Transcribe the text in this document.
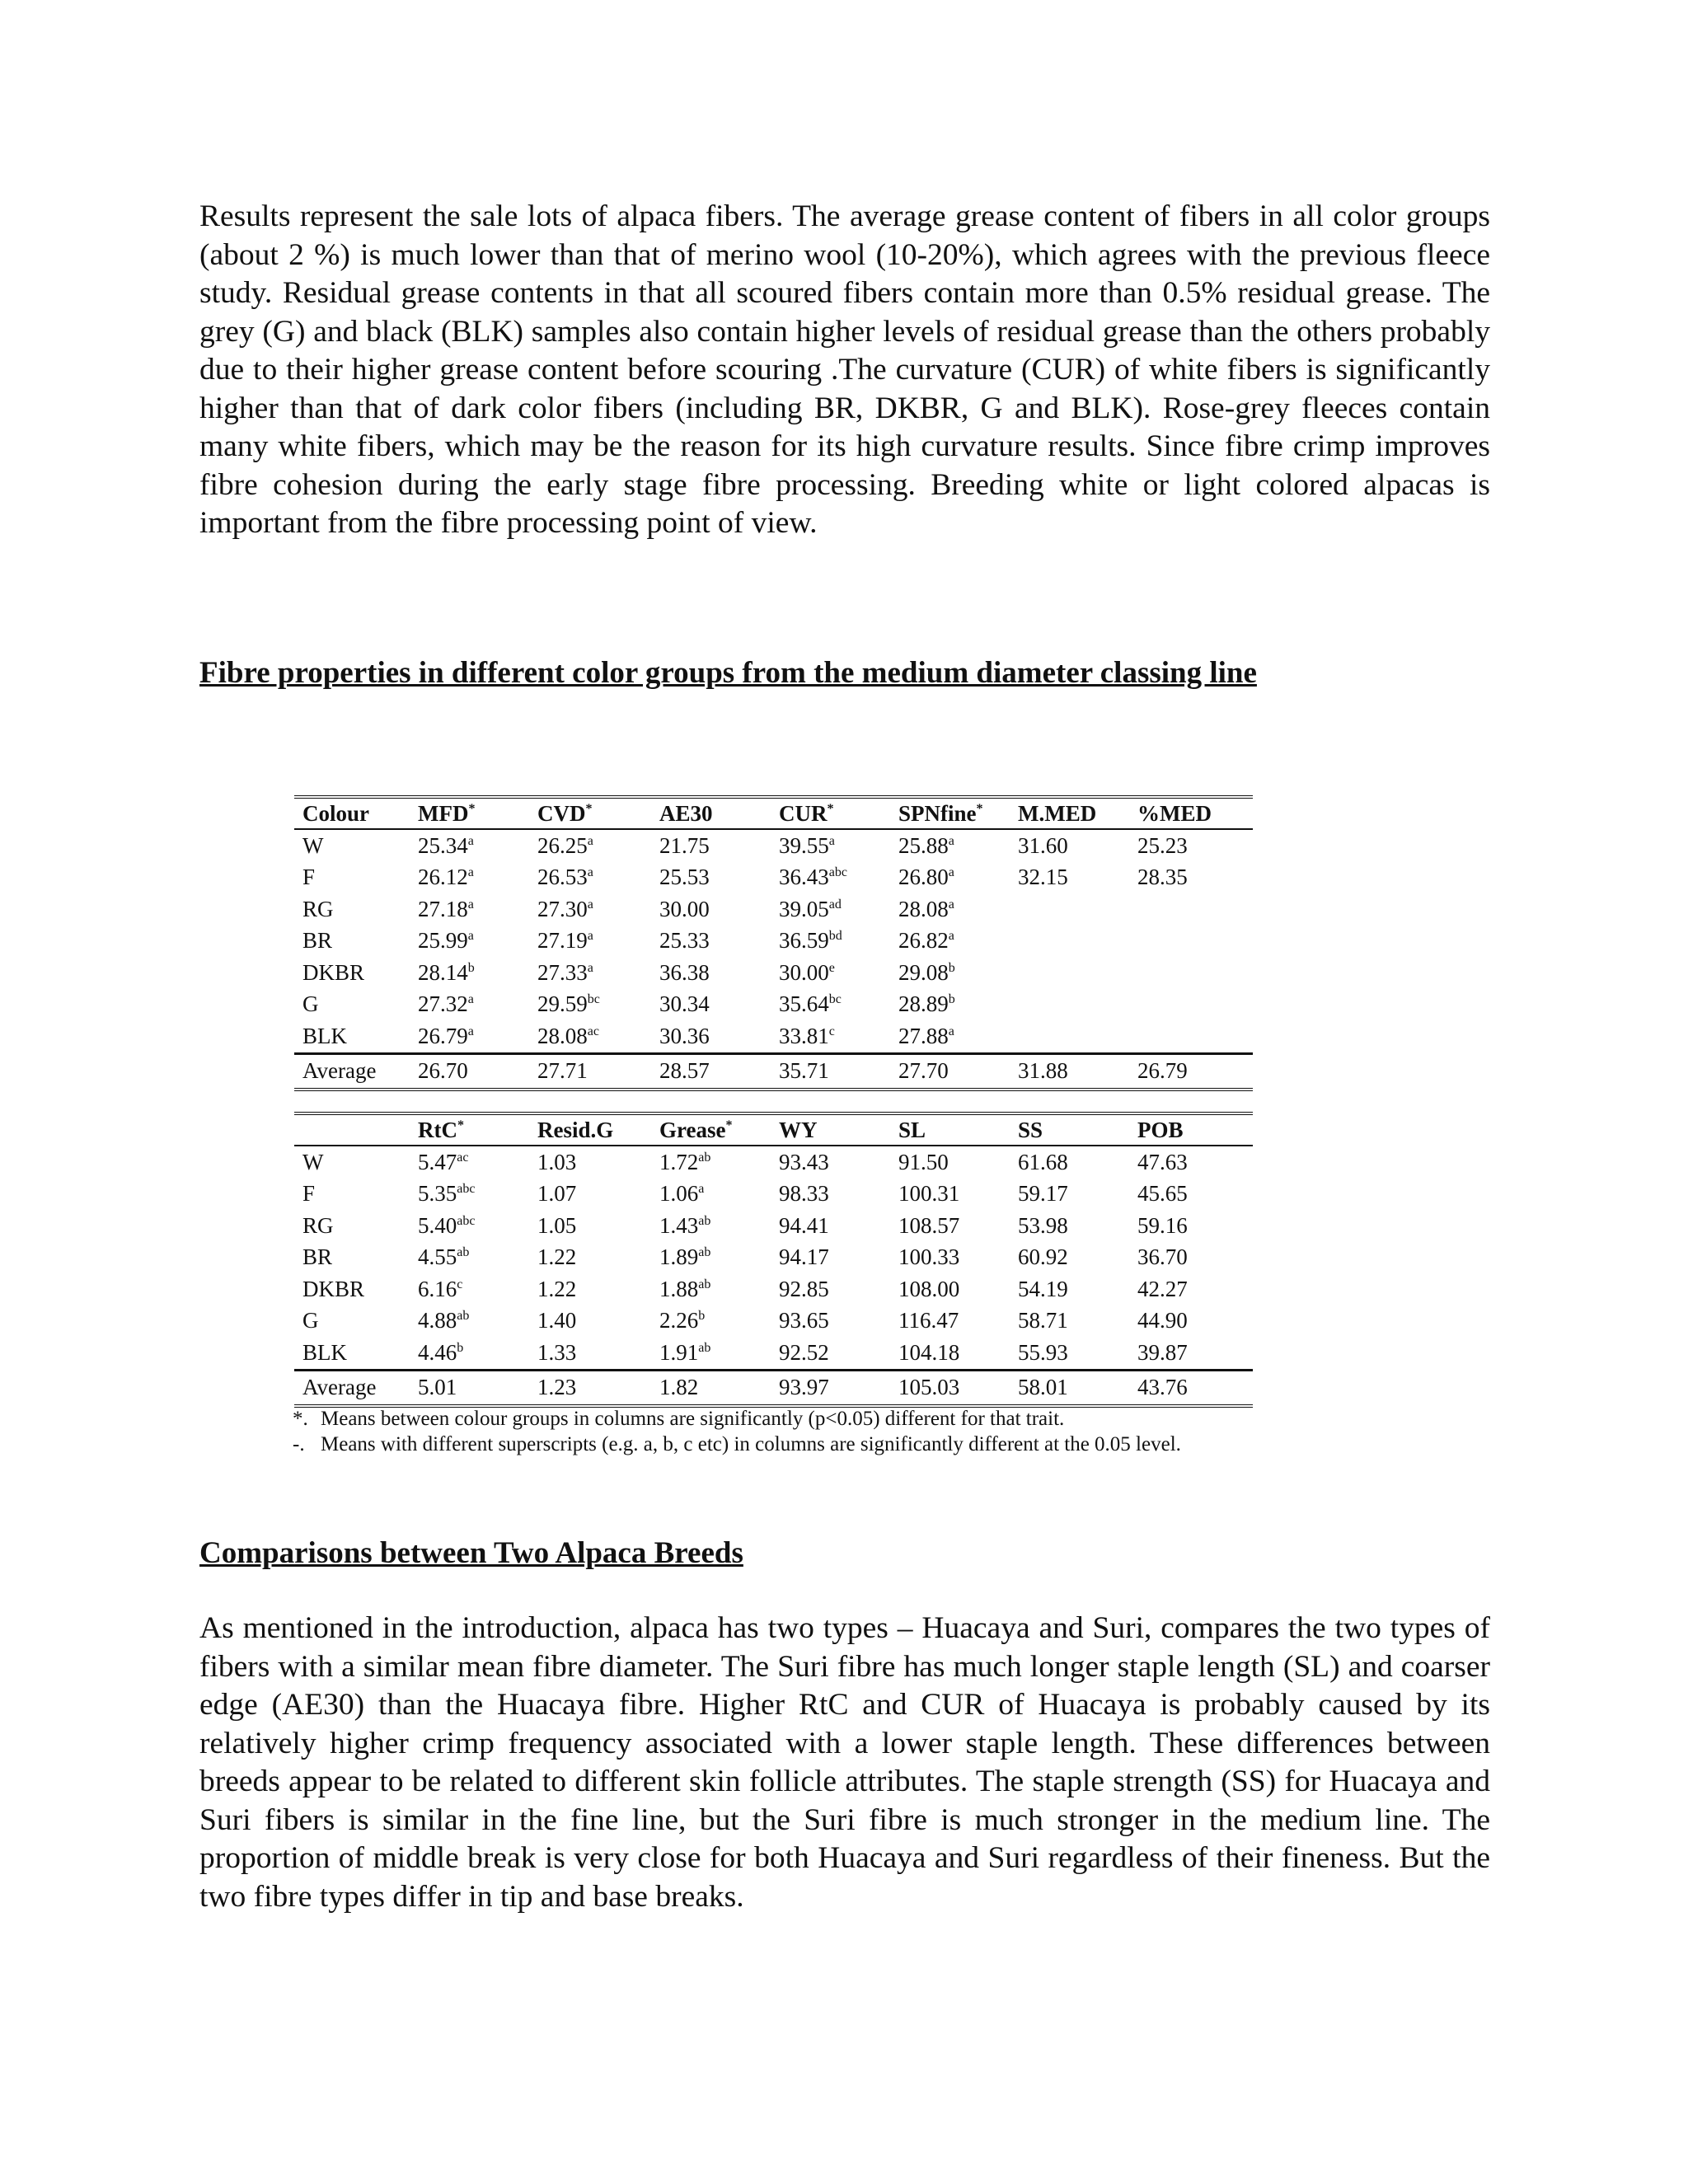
Results represent the sale lots of alpaca fibers. The average grease content of fibers in all color groups (about 2 %) is much lower than that of merino wool (10-20%), which agrees with the previous fleece study. Residual grease contents in that all scoured fibers contain more than 0.5% residual grease. The grey (G) and black (BLK) samples also contain higher levels of residual grease than the others probably due to their higher grease content before scouring .The curvature (CUR) of white fibers is significantly higher than that of dark color fibers (including BR, DKBR, G and BLK). Rose-grey fleeces contain many white fibers, which may be the reason for its high curvature results. Since fibre crimp improves fibre cohesion during the early stage fibre processing. Breeding white or light colored alpacas is important from the fibre processing point of view.

Fibre properties in different color groups from the medium diameter classing line
Colour	MFD*	CVD*	AE30	CUR*	SPNfine*	M.MED	%MED
W	25.34$^a$	26.25$^a$	21.75	39.55$^a$	25.88$^a$	31.60	25.23
F	26.12$^a$	26.53$^a$	25.53	36.43$^{abc}$	26.80$^a$	32.15	28.35
RG	27.18$^a$	27.30$^a$	30.00	39.05$^{ad}$	28.08$^a$		
BR	25.99$^a$	27.19$^a$	25.33	36.59$^{bd}$	26.82$^a$		
DKBR	28.14$^b$	27.33$^a$	36.38	30.00e	29.08$^b$		
G	27.32$^a$	29.59$^{bc}$	30.34	35.64$^{bc}$	28.89$^b$		
BLK	26.79$^a$	28.08$^{ac}$	30.36	33.81$^c$	27.88$^a$		
Average	26.70	27.71	28.57	35.71	27.70	31.88	26.79
	RtC*	Resid.G	Grease*	WY	SL	SS	POB
W	5.47$^{ac}$	1.03	1.72$^{ab}$	93.43	91.50	61.68	47.63
F	5.35$^{abc}$	1.07	1.06$^a$	98.33	100.31	59.17	45.65
RG	5.40$^{abc}$	1.05	1.43$^{ab}$	94.41	108.57	53.98	59.16
BR	4.55$^{ab}$	1.22	1.89$^{ab}$	94.17	100.33	60.92	36.70
DKBR	6.16$^c$	1.22	1.88$^{ab}$	92.85	108.00	54.19	42.27
G	4.88$^{ab}$	1.40	2.26$^b$	93.65	116.47	58.71	44.90
BLK	4.46$^b$	1.33	1.91$^{ab}$	92.52	104.18	55.93	39.87
Average	5.01	1.23	1.82	93.97	105.03	58.01	43.76
*. Means between colour groups in columns are significantly (p<0.05) different for that trait.
-. Means with different superscripts (e.g. a, b, c etc) in columns are significantly different at the 0.05 level.
Comparisons between Two Alpaca Breeds

As mentioned in the introduction, alpaca has two types – Huacaya and Suri, compares the two types of fibers with a similar mean fibre diameter. The Suri fibre has much longer staple length (SL) and coarser edge (AE30) than the Huacaya fibre. Higher RtC and CUR of Huacaya is probably caused by its relatively higher crimp frequency associated with a lower staple length. These differences between breeds appear to be related to different skin follicle attributes. The staple strength (SS) for Huacaya and Suri fibers is similar in the fine line, but the Suri fibre is much stronger in the medium line. The proportion of middle break is very close for both Huacaya and Suri regardless of their fineness. But the two fibre types differ in tip and base breaks.
